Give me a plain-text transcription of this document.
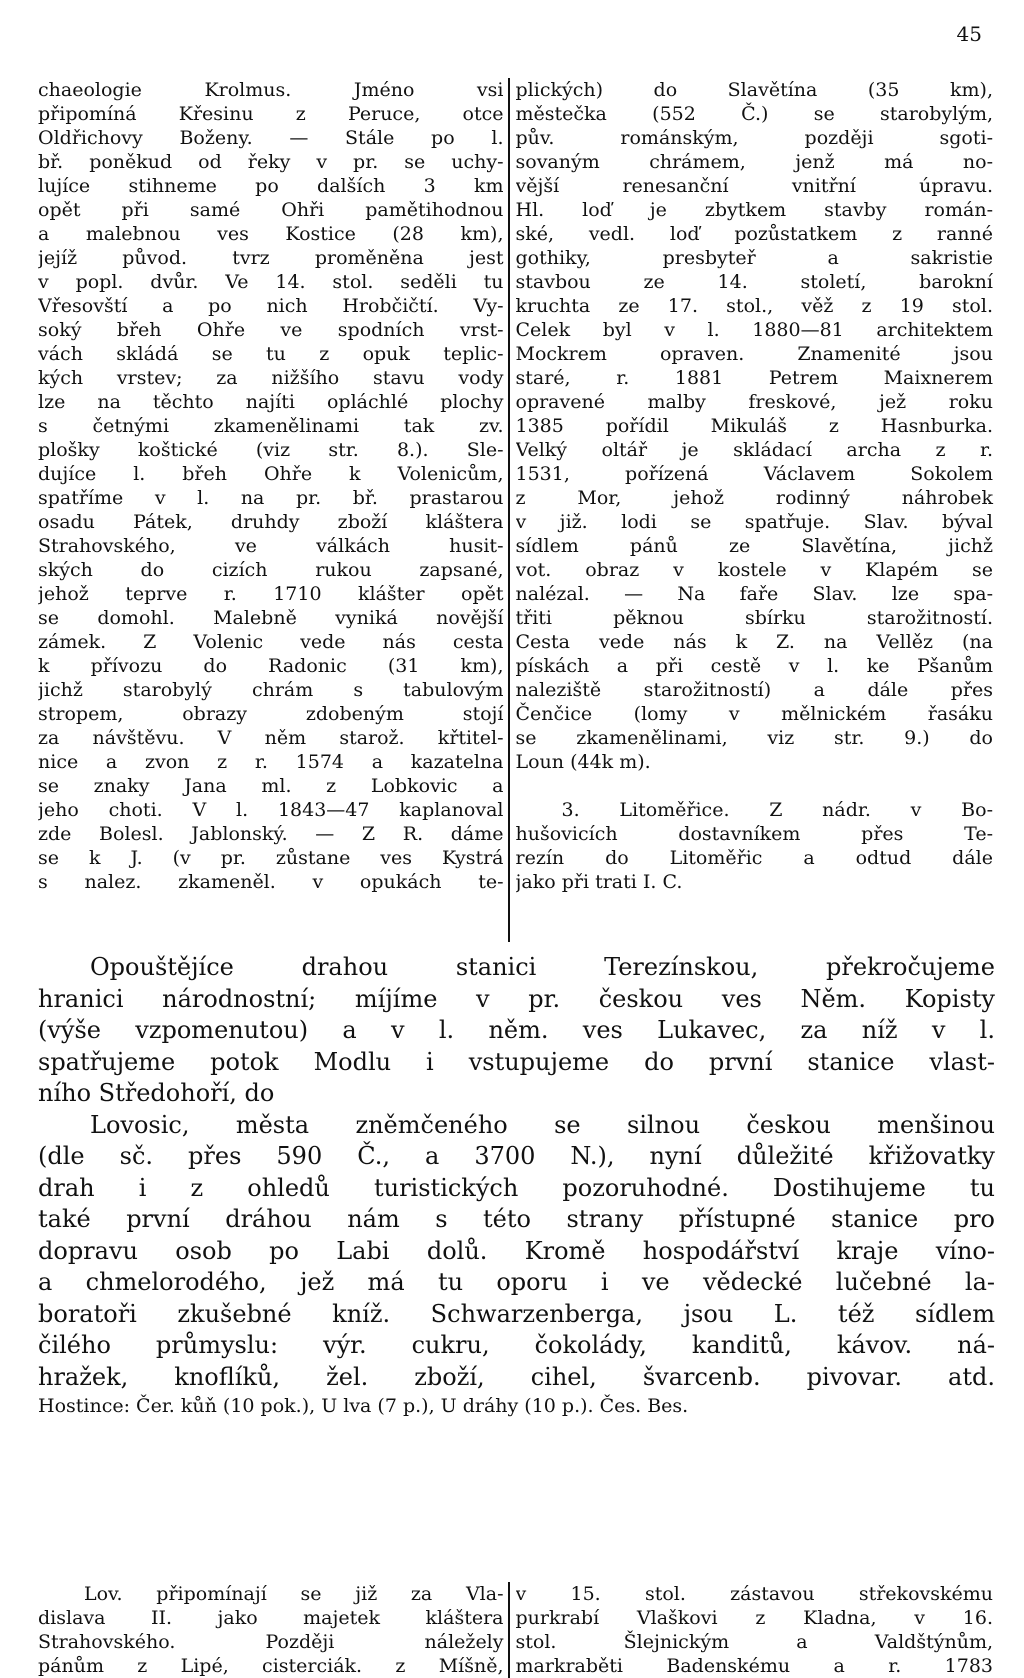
45
chaeologie Krolmus. Jméno vsi
připomíná Křesinu z Peruce, otce
Oldřichovy Boženy. — Stále po l.
bř. poněkud od řeky v pr. se uchy-
lujíce stihneme po dalších 3 km
opět při samé Ohři pamětihodnou
a malebnou ves Kostice (28 km),
jejíž původ. tvrz proměněna jest
v popl. dvůr. Ve 14. stol. seděli tu
Vřesovští a po nich Hrobčičtí. Vy-
soký břeh Ohře ve spodních vrst-
vách skládá se tu z opuk teplic-
kých vrstev; za nižšího stavu vody
lze na těchto najíti opláchlé plochy
s četnými zkamenělinami tak zv.
plošky koštické (viz str. 8.). Sle-
dujíce l. břeh Ohře k Volenicům,
spatříme v l. na pr. bř. prastarou
osadu Pátek, druhdy zboží kláštera
Strahovského, ve válkách husit-
ských do cizích rukou zapsané,
jehož teprve r. 1710 klášter opět
se domohl. Malebně vyniká novější
zámek. Z Volenic vede nás cesta
k přívozu do Radonic (31 km),
jichž starobylý chrám s tabulovým
stropem, obrazy zdobeným stojí
za návštěvu. V něm starož. křtitel-
nice a zvon z r. 1574 a kazatelna
se znaky Jana ml. z Lobkovic a
jeho choti. V l. 1843—47 kaplanoval
zde Bolesl. Jablonský. — Z R. dáme
se k J. (v pr. zůstane ves Kystrá
s nalez. zkameněl. v opukách te-
plických) do Slavětína (35 km),
městečka (552 Č.) se starobylým,
pův. románským, později sgoti-
sovaným chrámem, jenž má no-
vější renesanční vnitřní úpravu.
Hl. loď je zbytkem stavby román-
ské, vedl. loď pozůstatkem z ranné
gothiky, presbyteř a sakristie
stavbou ze 14. století, barokní
kruchta ze 17. stol., věž z 19 stol.
Celek byl v l. 1880—81 architektem
Mockrem opraven. Znamenité jsou
staré, r. 1881 Petrem Maixnerem
opravené malby freskové, jež roku
1385 pořídil Mikuláš z Hasnburka.
Velký oltář je skládací archa z r.
1531, pořízená Václavem Sokolem
z Mor, jehož rodinný náhrobek
v již. lodi se spatřuje. Slav. býval
sídlem pánů ze Slavětína, jichž
vot. obraz v kostele v Klapém se
nalézal. — Na faře Slav. lze spa-
třiti pěknou sbírku starožitností.
Cesta vede nás k Z. na Vellěz (na
pískách a při cestě v l. ke Pšanům
naleziště starožitností) a dále přes
Čenčice (lomy v mělnickém řasáku
se zkamenělinami, viz str. 9.) do
Loun (44k m).
3. Litoměřice. Z nádr. v Bo-
hušovicích dostavníkem přes Te-
rezín do Litoměřic a odtud dále
jako při trati I. C.
Opouštějíce drahou stanici Terezínskou, překročujeme
hranici národnostní; míjíme v pr. českou ves Něm. Kopisty
(výše vzpomenutou) a v l. něm. ves Lukavec, za níž v l.
spatřujeme potok Modlu i vstupujeme do první stanice vlast-
ního Středohoří, do
Lovosic, města zněmčeného se silnou českou menšinou
(dle sč. přes 590 Č., a 3700 N.), nyní důležité křižovatky
drah i z ohledů turistických pozoruhodné. Dostihujeme tu
také první dráhou nám s této strany přístupné stanice pro
dopravu osob po Labi dolů. Kromě hospodářství kraje víno-
a chmelorodého, jež má tu oporu i ve vědecké lučebné la-
boratoři zkušebné kníž. Schwarzenberga, jsou L. též sídlem
čilého průmyslu: výr. cukru, čokolády, kanditů, kávov. ná-
hražek, knoflíků, žel. zboží, cihel, švarcenb. pivovar. atd.
Hostince: Čer. kůň (10 pok.), U lva (7 p.), U dráhy (10 p.). Čes. Bes.
Lov. připomínají se již za Vla-
dislava II. jako majetek kláštera
Strahovského. Později náležely
pánům z Lipé, cisterciák. z Míšně,
v 15. stol. zástavou střekovskému
purkrabí Vlaškovi z Kladna, v 16.
stol. Šlejnickým a Valdštýnům,
markraběti Badenskému a r. 1783
